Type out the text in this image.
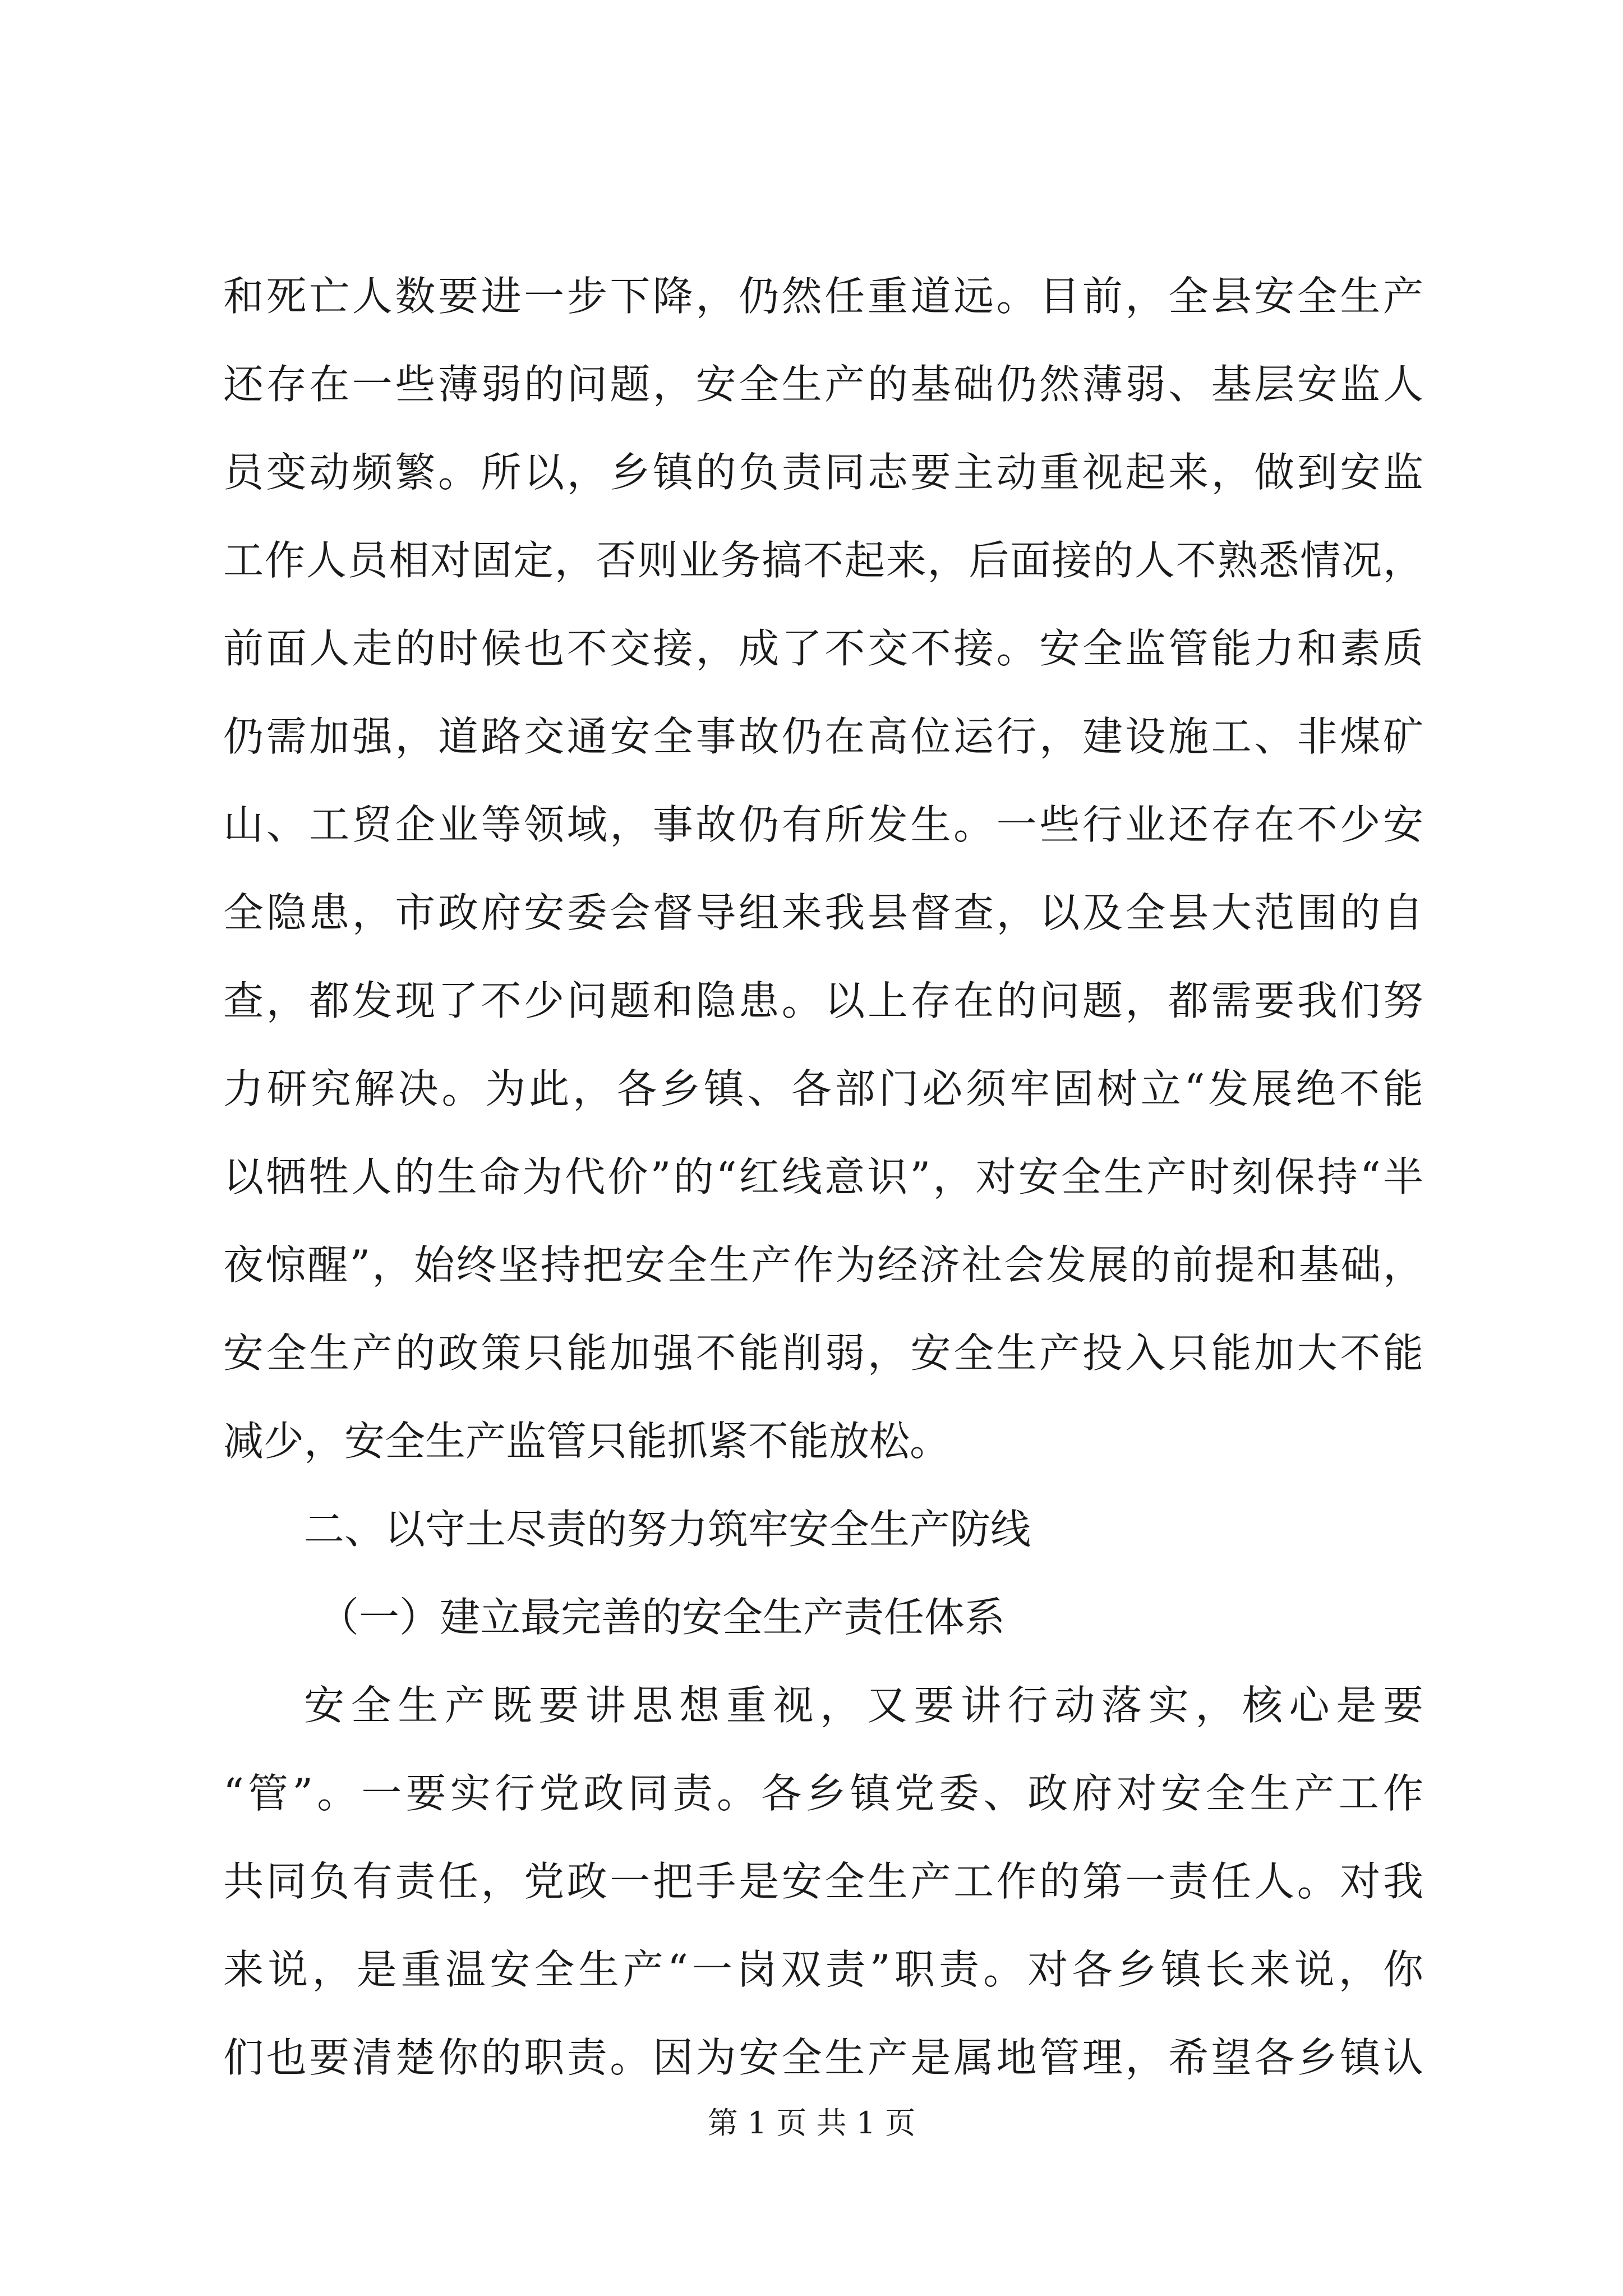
和死亡人数要进一步下降，仍然任重道远。目前，全县安全生产
还存在一些薄弱的问题，安全生产的基础仍然薄弱、基层安监人
员变动频繁。所以，乡镇的负责同志要主动重视起来，做到安监
工作人员相对固定，否则业务搞不起来，后面接的人不熟悉情况，
前面人走的时候也不交接，成了不交不接。安全监管能力和素质
仍需加强，道路交通安全事故仍在高位运行，建设施工、非煤矿
山、工贸企业等领域，事故仍有所发生。一些行业还存在不少安
全隐患，市政府安委会督导组来我县督查，以及全县大范围的自
查，都发现了不少问题和隐患。以上存在的问题，都需要我们努
力研究解决。为此，各乡镇、各部门必须牢固树立“发展绝不能
以牺牲人的生命为代价”的“红线意识”，对安全生产时刻保持“半
夜惊醒”，始终坚持把安全生产作为经济社会发展的前提和基础，
安全生产的政策只能加强不能削弱，安全生产投入只能加大不能
减少，安全生产监管只能抓紧不能放松。
二、以守土尽责的努力筑牢安全生产防线
（一）建立最完善的安全生产责任体系
安全生产既要讲思想重视，又要讲行动落实，核心是要
“管”。一要实行党政同责。各乡镇党委、政府对安全生产工作
共同负有责任，党政一把手是安全生产工作的第一责任人。对我
来说，是重温安全生产“一岗双责”职责。对各乡镇长来说，你
们也要清楚你的职责。因为安全生产是属地管理，希望各乡镇认
第 1 页 共 1 页
